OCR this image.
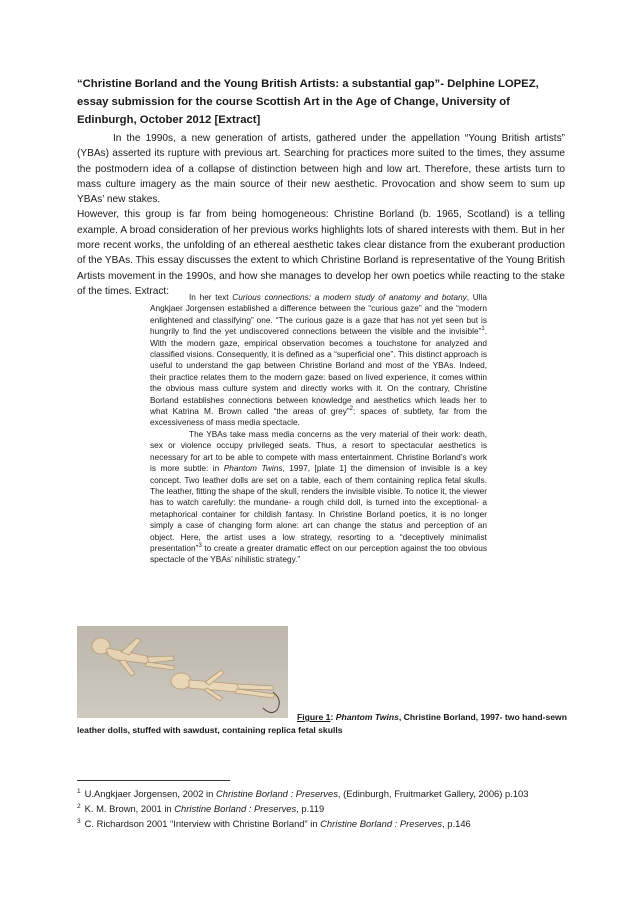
“Christine Borland and the Young British Artists: a substantial gap”- Delphine LOPEZ, essay submission for the course Scottish Art in the Age of Change, University of Edinburgh, October 2012 [Extract]

In the 1990s, a new generation of artists, gathered under the appellation “Young British artists” (YBAs) asserted its rupture with previous art. Searching for practices more suited to the times, they assume the postmodern idea of a collapse of distinction between high and low art. Therefore, these artists turn to mass culture imagery as the main source of their new aesthetic. Provocation and show seem to sum up YBAs’ new stakes.

However, this group is far from being homogeneous: Christine Borland (b. 1965, Scotland) is a telling example. A broad consideration of her previous works highlights lots of shared interests with them. But in her more recent works, the unfolding of an ethereal aesthetic takes clear distance from the exuberant production of the YBAs. This essay discusses the extent to which Christine Borland is representative of the Young British Artists movement in the 1990s, and how she manages to develop her own poetics while reacting to the stake of the times. Extract:

In her text Curious connections: a modern study of anatomy and botany, Ulla Angkjaer Jorgensen established a difference between the “curious gaze” and the “modern enlightened and classifying” one. “The curious gaze is a gaze that has not yet seen but is hungrily to find the yet undiscovered connections between the visible and the invisible”$^1$. With the modern gaze, empirical observation becomes a touchstone for analyzed and classified visions. Consequently, it is defined as a “superficial one”. This distinct approach is useful to understand the gap between Christine Borland and most of the YBAs. Indeed, their practice relates them to the modern gaze: based on lived experience, it comes within the obvious mass culture system and directly works with it. On the contrary, Christine Borland establishes connections between knowledge and aesthetics which leads her to what Katrina M. Brown called “the areas of grey”$^2$: spaces of subtlety, far from the excessiveness of mass media spectacle.

The YBAs take mass media concerns as the very material of their work: death, sex or violence occupy privileged seats. Thus, a resort to spectacular aesthetics is necessary for art to be able to compete with mass entertainment. Christine Borland’s work is more subtle: in Phantom Twins, 1997, [plate 1] the dimension of invisible is a key concept. Two leather dolls are set on a table, each of them containing replica fetal skulls. The leather, fitting the shape of the skull, renders the invisible visible. To notice it, the viewer has to watch carefully: the mundane- a rough child doll, is turned into the exceptional- a metaphorical container for childish fantasy. In Christine Borland poetics, it is no longer simply a case of changing form alone: art can change the status and perception of an object. Here, the artist uses a low strategy, resorting to a “deceptively minimalist presentation”$^3$ to create a greater dramatic effect on our perception against the too obvious spectacle of the YBAs’ nihilistic strategy.”

Figure 1: Phantom Twins, Christine Borland, 1997- two hand-sewn
leather dolls, stuffed with sawdust, containing replica fetal skulls
$^1$ U.Angkjaer Jorgensen, 2002 in Christine Borland : Preserves, (Edinburgh, Fruitmarket Gallery, 2006) p.103
$^2$ K. M. Brown, 2001 in Christine Borland : Preserves, p.119
$^3$ C. Richardson 2001 “Interview with Christine Borland” in Christine Borland : Preserves, p.146
